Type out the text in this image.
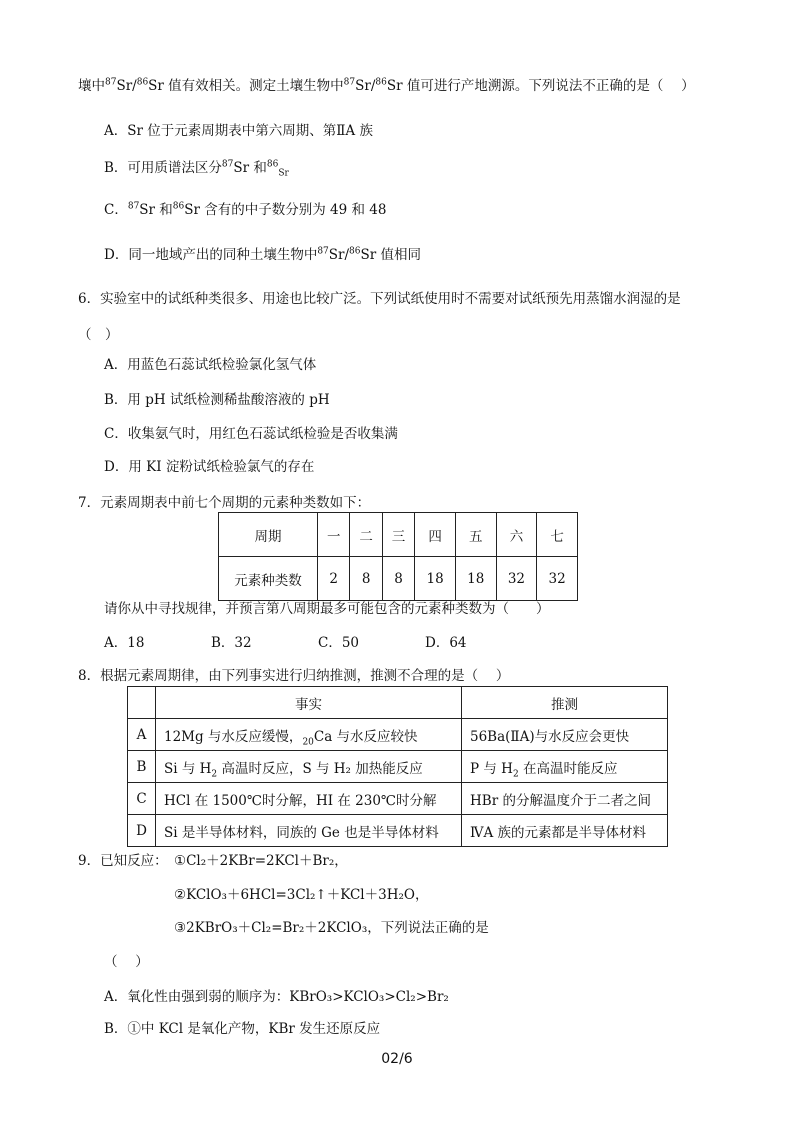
壤中$^{87}$Sr/$^{86}$Sr 值有效相关。测定土壤生物中$^{87}$Sr/$^{86}$Sr 值可进行产地溯源。下列说法不正确的是（　 ）
A．Sr 位于元素周期表中第六周期、第ⅡA 族
B．可用质谱法区分$^{87}$Sr 和$^{86}_{Sr}$
C．$^{87}$Sr 和$^{86}$Sr 含有的中子数分别为 49 和 48
D．同一地域产出的同种土壤生物中$^{87}$Sr/$^{86}$Sr 值相同
6．实验室中的试纸种类很多、用途也比较广泛。下列试纸使用时不需要对试纸预先用蒸馏水润湿的是
（　）
A．用蓝色石蕊试纸检验氯化氢气体
B．用 pH 试纸检测稀盐酸溶液的 pH
C．收集氨气时，用红色石蕊试纸检验是否收集满
D．用 KI 淀粉试纸检验氯气的存在
7．元素周期表中前七个周期的元素种类数如下：
周期	一	二	三	四	五	六	七
元素种类数	2	8	8	18	18	32	32
请你从中寻找规律，并预言第八周期最多可能包含的元素种类数为（　　）
A．18	B．32	C．50	D．64
8．根据元素周期律，由下列事实进行归纳推测，推测不合理的是（　 ）
	事实	推测
A	12Mg 与水反应缓慢，$_{20}$Ca 与水反应较快	56Ba(ⅡA)与水反应会更快
B	Si 与 $H_2$ 高温时反应，S 与 H₂ 加热能反应	P 与 $H_2$ 在高温时能反应
C	HCl 在 1500℃时分解，HI 在 230℃时分解	HBr 的分解温度介于二者之间
D	Si 是半导体材料，同族的 Ge 也是半导体材料	ⅣA 族的元素都是半导体材料
9．已知反应： ①Cl₂＋2KBr=2KCl＋Br₂，
②KClO₃＋6HCl=3Cl₂↑＋KCl＋3H₂O，
③2KBrO₃＋Cl₂=Br₂＋2KClO₃，下列说法正确的是
（　 ）
A．氧化性由强到弱的顺序为：KBrO₃>KClO₃>Cl₂>Br₂
B．①中 KCl 是氧化产物，KBr 发生还原反应
02/6
